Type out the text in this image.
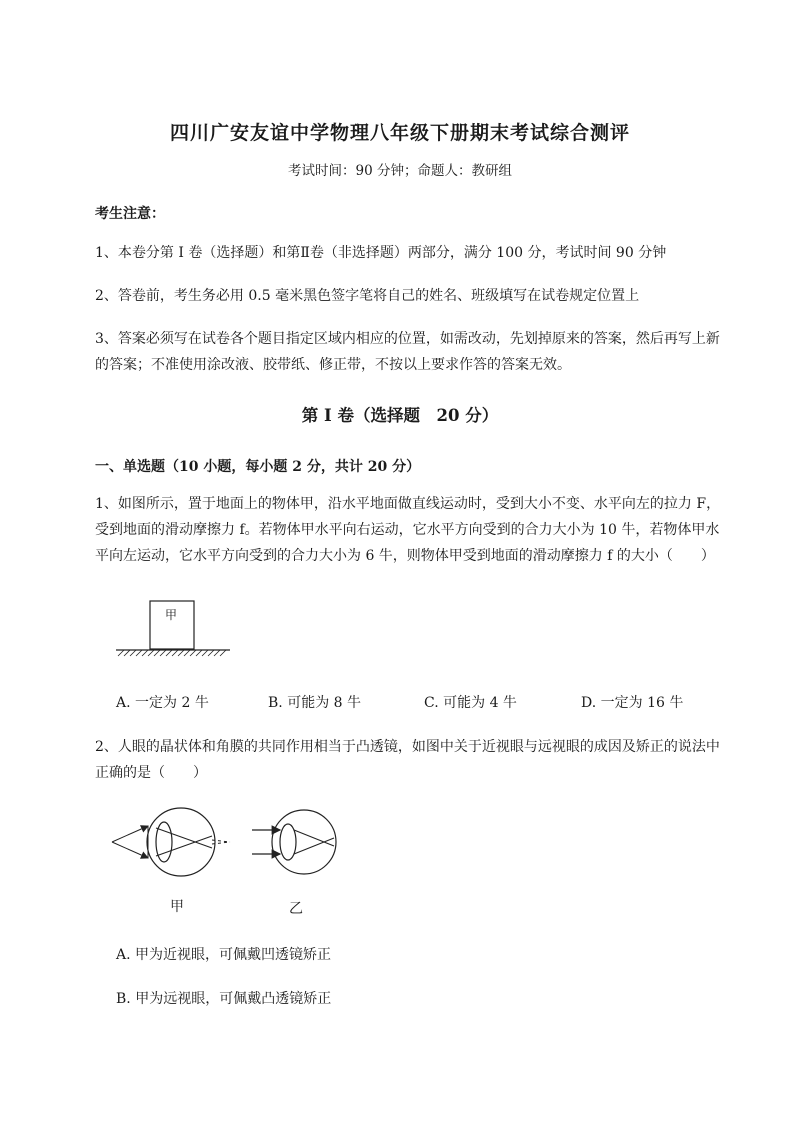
四川广安友谊中学物理八年级下册期末考试综合测评
考试时间：90 分钟；命题人：教研组
考生注意：
1、本卷分第 I 卷（选择题）和第Ⅱ卷（非选择题）两部分，满分 100 分，考试时间 90 分钟
2、答卷前，考生务必用 0.5 毫米黑色签字笔将自己的姓名、班级填写在试卷规定位置上
3、答案必须写在试卷各个题目指定区域内相应的位置，如需改动，先划掉原来的答案，然后再写上新
的答案；不准使用涂改液、胶带纸、修正带，不按以上要求作答的答案无效。
第 I 卷（选择题　20 分）
一、单选题（10 小题，每小题 2 分，共计 20 分）
1、如图所示，置于地面上的物体甲，沿水平地面做直线运动时，受到大小不变、水平向左的拉力 F，
受到地面的滑动摩擦力 f。若物体甲水平向右运动，它水平方向受到的合力大小为 10 牛，若物体甲水
平向左运动，它水平方向受到的合力大小为 6 牛，则物体甲受到地面的滑动摩擦力 f 的大小（　　）
甲
A. 一定为 2 牛	B. 可能为 8 牛	C. 可能为 4 牛	D. 一定为 16 牛
2、人眼的晶状体和角膜的共同作用相当于凸透镜，如图中关于近视眼与远视眼的成因及矫正的说法中
正确的是（　　）
甲	乙
A. 甲为近视眼，可佩戴凹透镜矫正
B. 甲为远视眼，可佩戴凸透镜矫正
